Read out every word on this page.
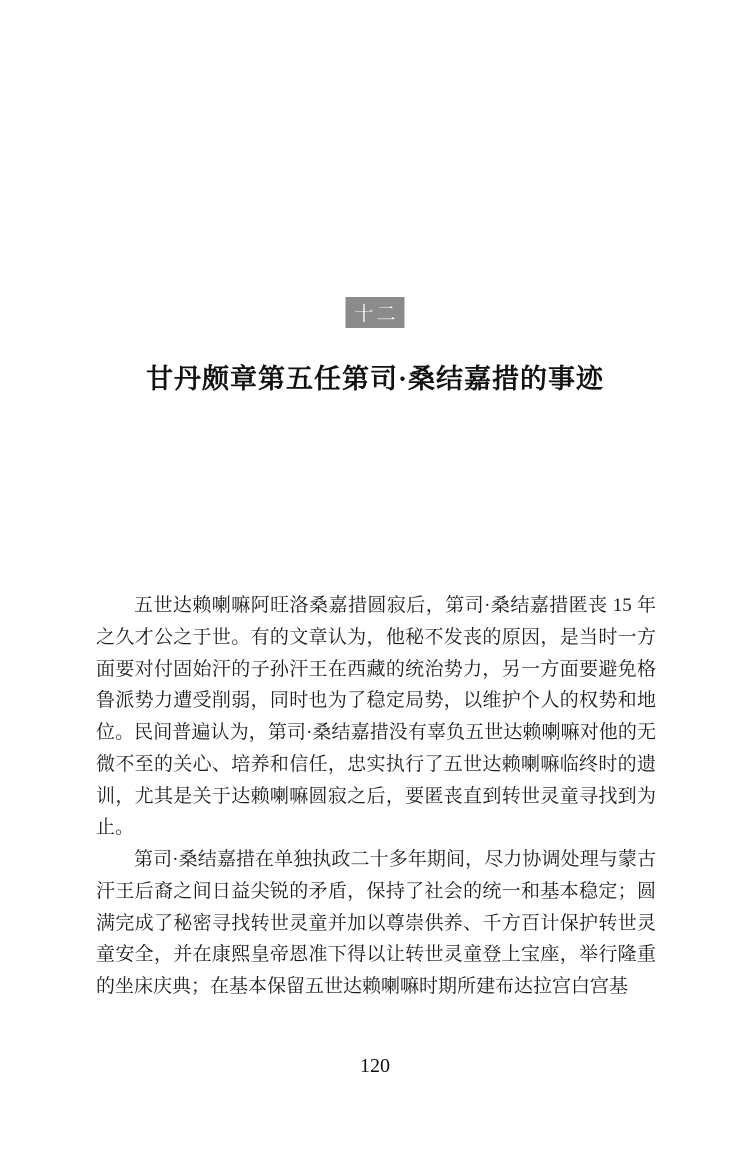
十二
甘丹颇章第五任第司·桑结嘉措的事迹

五世达赖喇嘛阿旺洛桑嘉措圆寂后，第司·桑结嘉措匿丧 15 年之久才公之于世。有的文章认为，他秘不发丧的原因，是当时一方面要对付固始汗的子孙汗王在西藏的统治势力，另一方面要避免格鲁派势力遭受削弱，同时也为了稳定局势，以维护个人的权势和地位。民间普遍认为，第司·桑结嘉措没有辜负五世达赖喇嘛对他的无微不至的关心、培养和信任，忠实执行了五世达赖喇嘛临终时的遗训，尤其是关于达赖喇嘛圆寂之后，要匿丧直到转世灵童寻找到为止。

第司·桑结嘉措在单独执政二十多年期间，尽力协调处理与蒙古汗王后裔之间日益尖锐的矛盾，保持了社会的统一和基本稳定；圆满完成了秘密寻找转世灵童并加以尊崇供养、千方百计保护转世灵童安全，并在康熙皇帝恩准下得以让转世灵童登上宝座，举行隆重的坐床庆典；在基本保留五世达赖喇嘛时期所建布达拉宫白宫基

120
